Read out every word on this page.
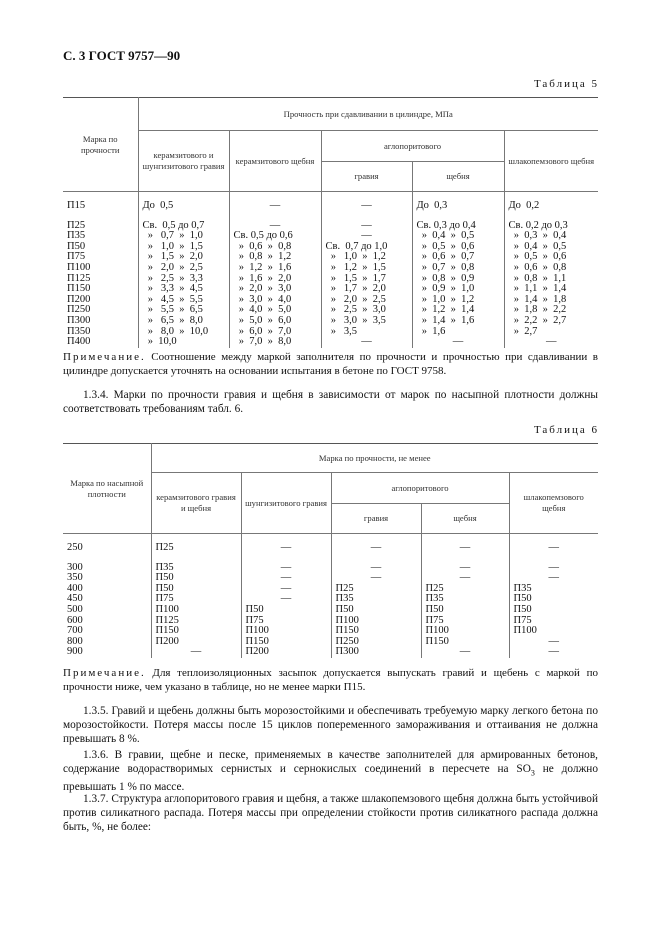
С. 3 ГОСТ 9757—90
Таблица 5
Марка по прочности	Прочность при сдавливании в цилиндре, МПа				
	керамзитового и шунгизитового гравия	керамзитового щебня	аглопоритового		шлакопемзового щебня
			гравия	щебня	
П15	До  0,5	—	—	До  0,3	До  0,2
П25	Св.  0,5 до 0,7	—	—	Св. 0,3 до 0,4	Св. 0,2 до 0,3
П35	»   0,7  »  1,0	Св. 0,5 до 0,6	—	»  0,4  »  0,5	»  0,3  »  0,4
П50	»   1,0  »  1,5	»  0,6  »  0,8	Св.  0,7 до 1,0	»  0,5  »  0,6	»  0,4  »  0,5
П75	»   1,5  »  2,0	»  0,8  »  1,2	»   1,0  »  1,2	»  0,6  »  0,7	»  0,5  »  0,6
П100	»   2,0  »  2,5	»  1,2  »  1,6	»   1,2  »  1,5	»  0,7  »  0,8	»  0,6  »  0,8
П125	»   2,5  »  3,3	»  1,6  »  2,0	»   1,5  »  1,7	»  0,8  »  0,9	»  0,8  »  1,1
П150	»   3,3  »  4,5	»  2,0  »  3,0	»   1,7  »  2,0	»  0,9  »  1,0	»  1,1  »  1,4
П200	»   4,5  »  5,5	»  3,0  »  4,0	»   2,0  »  2,5	»  1,0  »  1,2	»  1,4  »  1,8
П250	»   5,5  »  6,5	»  4,0  »  5,0	»   2,5  »  3,0	»  1,2  »  1,4	»  1,8  »  2,2
П300	»   6,5  »  8,0	»  5,0  »  6,0	»   3,0  »  3,5	»  1,4  »  1,6	»  2,2  »  2,7
П350	»   8,0  »  10,0	»  6,0  »  7,0	»   3,5	»  1,6	»  2,7
П400	»  10,0	»  7,0  »  8,0	—	—	—
Примечание. Соотношение между маркой заполнителя по прочности и прочностью при сдавливании в цилиндре допускается уточнять на основании испытания в бетоне по ГОСТ 9758.
1.3.4. Марки по прочности гравия и щебня в зависимости от марок по насыпной плотности должны соответствовать требованиям табл. 6.
Таблица 6
Марка по насыпной плотности	Марка по прочности, не менее				
	керамзитового гравия и щебня	шунгизитового гравия	аглопоритового		шлакопемзового щебня
			гравия	щебня	
250	П25	—	—	—	—
300	П35	—	—	—	—
350	П50	—	—	—	—
400	П50	—	П25	П25	П35
450	П75	—	П35	П35	П50
500	П100	П50	П50	П50	П50
600	П125	П75	П100	П75	П75
700	П150	П100	П150	П100	П100
800	П200	П150	П250	П150	—
900	—	П200	П300	—	—
Примечание. Для теплоизоляционных засыпок допускается выпускать гравий и щебень с маркой по прочности ниже, чем указано в таблице, но не менее марки П15.
1.3.5. Гравий и щебень должны быть морозостойкими и обеспечивать требуемую марку легкого бетона по морозостойкости. Потеря массы после 15 циклов попеременного замораживания и оттаивания не должна превышать 8 %.
1.3.6. В гравии, щебне и песке, применяемых в качестве заполнителей для армированных бетонов, содержание водорастворимых сернистых и сернокислых соединений в пересчете на $SO_3$ не должно превышать 1 % по массе.
1.3.7. Структура аглопоритового гравия и щебня, а также шлакопемзового щебня должна быть устойчивой против силикатного распада. Потеря массы при определении стойкости против силикатного распада должна быть, %, не более:
